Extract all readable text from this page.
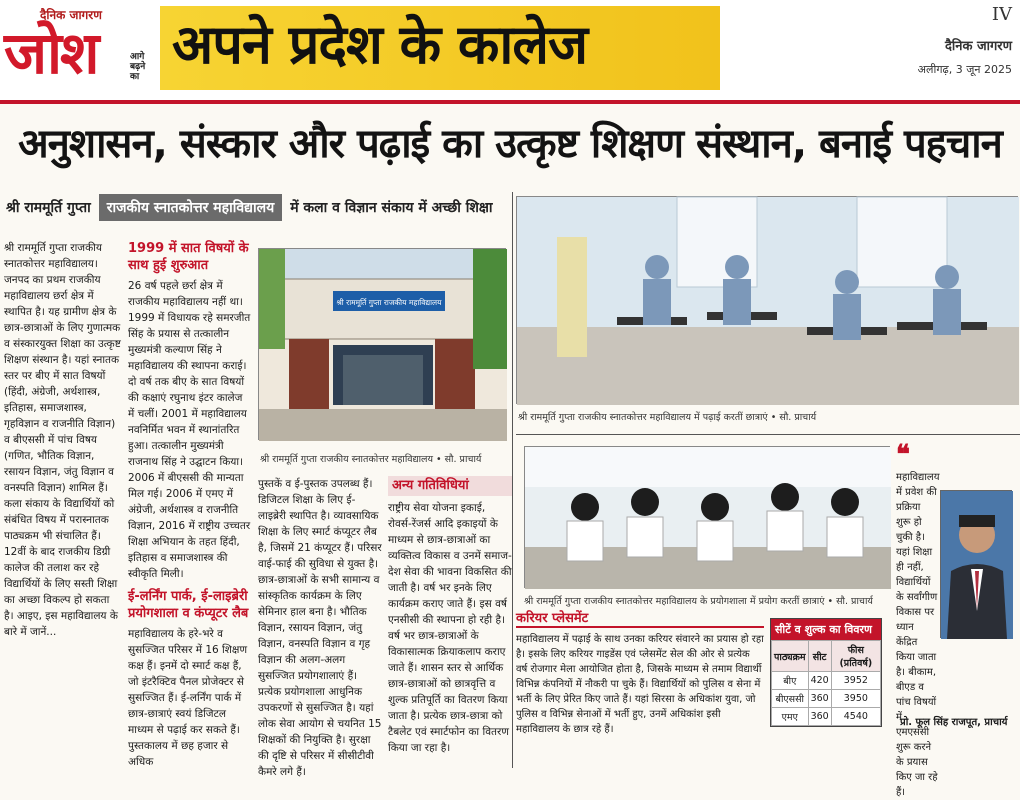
दैनिक जागरण
जोश	आगे बढ़ने का
अपने प्रदेश के कालेज	IV
दैनिक जागरण
अलीगढ़, 3 जून 2025
अनुशासन, संस्कार और पढ़ाई का उत्कृष्ट शिक्षण संस्थान, बनाई पहचान
श्री राममूर्ति गुप्ता	राजकीय स्नातकोत्तर महाविद्यालय	में कला व विज्ञान संकाय में अच्छी शिक्षा
श्री राममूर्ति गुप्ता राजकीय स्नातकोत्तर महाविद्यालय। जनपद का प्रथम राजकीय महाविद्यालय छर्रा क्षेत्र में स्थापित है। यह ग्रामीण क्षेत्र के छात्र-छात्राओं के लिए गुणात्मक व संस्कारयुक्त शिक्षा का उत्कृष्ट शिक्षण संस्थान है। यहां स्नातक स्तर पर बीए में सात विषयों (हिंदी, अंग्रेजी, अर्थशास्त्र, इतिहास, समाजशास्त्र, गृहविज्ञान व राजनीति विज्ञान) व बीएससी में पांच विषय (गणित, भौतिक विज्ञान, रसायन विज्ञान, जंतु विज्ञान व वनस्पति विज्ञान) शामिल हैं। कला संकाय के विद्यार्थियों को संबंधित विषय में परास्नातक पाठ्यक्रम भी संचालित हैं। 12वीं के बाद राजकीय डिग्री कालेज की तलाश कर रहे विद्यार्थियों के लिए सस्ती शिक्षा का अच्छा विकल्प हो सकता है। आइए, इस महाविद्यालय के बारे में जानें...
1999 में सात विषयों के साथ हुई शुरुआत
26 वर्ष पहले छर्रा क्षेत्र में राजकीय महाविद्यालय नहीं था। 1999 में विधायक रहे समरजीत सिंह के प्रयास से तत्कालीन मुख्यमंत्री कल्याण सिंह ने महाविद्यालय की स्थापना कराई। दो वर्ष तक बीए के सात विषयों की कक्षाएं रघुनाथ इंटर कालेज में चलीं। 2001 में महाविद्यालय नवनिर्मित भवन में स्थानांतरित हुआ। तत्कालीन मुख्यमंत्री राजनाथ सिंह ने उद्घाटन किया। 2006 में बीएससी की मान्यता मिल गई। 2006 में एमए में अंग्रेजी, अर्थशास्त्र व राजनीति विज्ञान, 2016 में राष्ट्रीय उच्चतर शिक्षा अभियान के तहत हिंदी, इतिहास व समाजशास्त्र की स्वीकृति मिली।
ई-लर्निंग पार्क, ई-लाइब्रेरी प्रयोगशाला व कंप्यूटर लैब
महाविद्यालय के हरे-भरे व सुसज्जित परिसर में 16 शिक्षण कक्ष हैं। इनमें दो स्मार्ट कक्ष हैं, जो इंटरैक्टिव पैनल प्रोजेक्टर से सुसज्जित हैं। ई-लर्निंग पार्क में छात्र-छात्राएं स्वयं डिजिटल माध्यम से पढ़ाई कर सकते हैं। पुस्तकालय में छह हजार से अधिक
श्री राममूर्ति गुप्ता राजकीय महाविद्यालय
श्री राममूर्ति गुप्ता राजकीय स्नातकोत्तर महाविद्यालय • सौ. प्राचार्य
पुस्तकें व ई-पुस्तक उपलब्ध हैं। डिजिटल शिक्षा के लिए ई-लाइब्रेरी स्थापित है। व्यावसायिक शिक्षा के लिए स्मार्ट कंप्यूटर लैब है, जिसमें 21 कंप्यूटर हैं। परिसर वाई-फाई की सुविधा से युक्त है। छात्र-छात्राओं के सभी सामान्य व सांस्कृतिक कार्यक्रम के लिए सेमिनार हाल बना है। भौतिक विज्ञान, रसायन विज्ञान, जंतु विज्ञान, वनस्पति विज्ञान व गृह विज्ञान की अलग-अलग सुसज्जित प्रयोगशालाएं हैं। प्रत्येक प्रयोगशाला आधुनिक उपकरणों से सुसज्जित है। यहां लोक सेवा आयोग से चयनित 15 शिक्षकों की नियुक्ति है। सुरक्षा की दृष्टि से परिसर में सीसीटीवी कैमरे लगे हैं।
अन्य गतिविधियां
राष्ट्रीय सेवा योजना इकाई, रोवर्स-रेंजर्स आदि इकाइयों के माध्यम से छात्र-छात्राओं का व्यक्तित्व विकास व उनमें समाज-देश सेवा की भावना विकसित की जाती है। वर्ष भर इनके लिए कार्यक्रम कराए जाते हैं। इस वर्ष एनसीसी की स्थापना हो रही है। वर्ष भर छात्र-छात्राओं के विकासात्मक क्रियाकलाप कराए जाते हैं। शासन स्तर से आर्थिक छात्र-छात्राओं को छात्रवृत्ति व शुल्क प्रतिपूर्ति का वितरण किया जाता है। प्रत्येक छात्र-छात्रा को टैबलेट एवं स्मार्टफोन का वितरण किया जा रहा है।
श्री राममूर्ति गुप्ता राजकीय स्नातकोत्तर महाविद्यालय में पढ़ाई करतीं छात्राएं • सौ. प्राचार्य
श्री राममूर्ति गुप्ता राजकीय स्नातकोत्तर महाविद्यालय के प्रयोगशाला में प्रयोग करतीं छात्राएं • सौ. प्राचार्य
करियर प्लेसमेंट

महाविद्यालय में पढ़ाई के साथ उनका करियर संवारने का प्रयास हो रहा है। इसके लिए करियर गाइडेंस एवं प्लेसमेंट सेल की ओर से प्रत्येक वर्ष रोजगार मेला आयोजित होता है, जिसके माध्यम से तमाम विद्यार्थी विभिन्न कंपनियों में नौकरी पा चुके हैं। विद्यार्थियों को पुलिस व सेना में भर्ती के लिए प्रेरित किए जाते हैं। यहां सिरसा के अधिकांश युवा, जो पुलिस व विभिन्न सेनाओं में भर्ती हुए, उनमें अधिकांश इसी महाविद्यालय के छात्र रहे हैं।

सीटें व शुल्क का विवरण
पाठ्यक्रम	सीट	फीस (प्रतिवर्ष)
बीए	420	3952
बीएससी	360	3950
एमए	360	4540
❝
महाविद्यालय में प्रवेश की प्रक्रिया शुरू हो चुकी है। यहां शिक्षा ही नहीं, विद्यार्थियों के सर्वांगीण विकास पर ध्यान केंद्रित किया जाता है। बीकाम, बीएड व पांच विषयों में एमएससी शुरू करने के प्रयास किए जा रहे हैं।
प्रो. फूल सिंह राजपूत, प्राचार्य
